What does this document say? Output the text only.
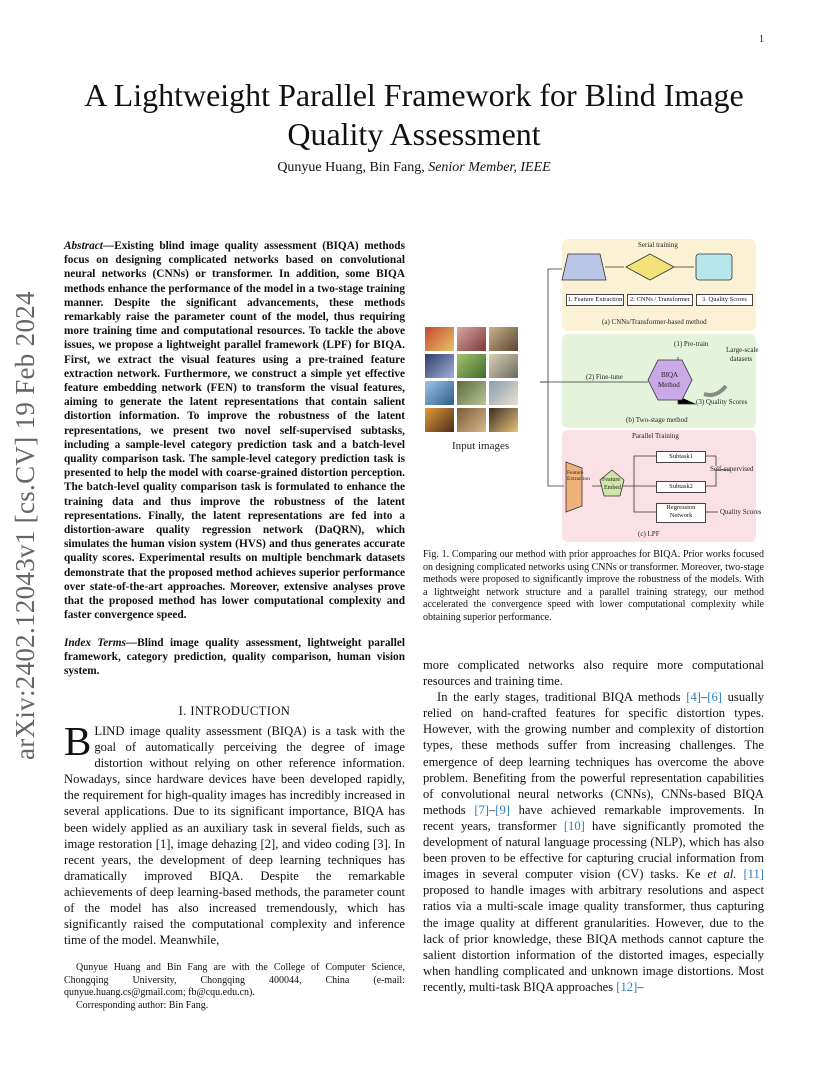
1
arXiv:2402.12043v1 [cs.CV] 19 Feb 2024
A Lightweight Parallel Framework for Blind Image Quality Assessment
Qunyue Huang, Bin Fang, Senior Member, IEEE
Abstract—Existing blind image quality assessment (BIQA) methods focus on designing complicated networks based on convolutional neural networks (CNNs) or transformer. In addition, some BIQA methods enhance the performance of the model in a two-stage training manner. Despite the significant advancements, these methods remarkably raise the parameter count of the model, thus requiring more training time and computational resources. To tackle the above issues, we propose a lightweight parallel framework (LPF) for BIQA. First, we extract the visual features using a pre-trained feature extraction network. Furthermore, we construct a simple yet effective feature embedding network (FEN) to transform the visual features, aiming to generate the latent representations that contain salient distortion information. To improve the robustness of the latent representations, we present two novel self-supervised subtasks, including a sample-level category prediction task and a batch-level quality comparison task. The sample-level category prediction task is presented to help the model with coarse-grained distortion perception. The batch-level quality comparison task is formulated to enhance the training data and thus improve the robustness of the latent representations. Finally, the latent representations are fed into a distortion-aware quality regression network (DaQRN), which simulates the human vision system (HVS) and thus generates accurate quality scores. Experimental results on multiple benchmark datasets demonstrate that the proposed method achieves superior performance over state-of-the-art approaches. Moreover, extensive analyses prove that the proposed method has lower computational complexity and faster convergence speed.
Index Terms—Blind image quality assessment, lightweight parallel framework, category prediction, quality comparison, human vision system.
I. INTRODUCTION
BLIND image quality assessment (BIQA) is a task with the goal of automatically perceiving the degree of image distortion without relying on other reference information. Nowadays, since hardware devices have been developed rapidly, the requirement for high-quality images has incredibly increased in several applications. Due to its significant importance, BIQA has been widely applied as an auxiliary task in several fields, such as image restoration [1], image dehazing [2], and video coding [3]. In recent years, the development of deep learning techniques has dramatically improved BIQA. Despite the remarkable achievements of deep learning-based methods, the parameter count of the model has also increased tremendously, which has significantly raised the computational complexity and inference time of the model. Meanwhile,

Qunyue Huang and Bin Fang are with the College of Computer Science, Chongqing University, Chongqing 400044, China (e-mail: qunyue.huang.cs@gmail.com; fb@cqu.edu.cn).

Corresponding author: Bin Fang.

Input images
Serial training
1. Feature Extraction	2. CNNs / Transformer	3. Quality Scores
(a) CNNs/Transformer-based method
(1) Pre-train
Large-scale
datasets
(2) Fine-tune	BIQA
Method
(3) Quality Scores
(b) Two-stage method
Parallel Training
Feature Extraction Feature
Embed
Subtask1
Subtask2
Self-supervised
Regression
Network	Quality Scores
(c) LPF
Fig. 1. Comparing our method with prior approaches for BIQA. Prior works focused on designing complicated networks using CNNs or transformer. Moreover, two-stage methods were proposed to significantly improve the robustness of the models. With a lightweight network structure and a parallel training strategy, our method accelerated the convergence speed with lower computational complexity while obtaining superior performance.

more complicated networks also require more computational resources and training time.

In the early stages, traditional BIQA methods [4]–[6] usually relied on hand-crafted features for specific distortion types. However, with the growing number and complexity of distortion types, these methods suffer from increasing challenges. The emergence of deep learning techniques has overcome the above problem. Benefiting from the powerful representation capabilities of convolutional neural networks (CNNs), CNNs-based BIQA methods [7]–[9] have achieved remarkable improvements. In recent years, transformer [10] have significantly promoted the development of natural language processing (NLP), which has also been proven to be effective for capturing crucial information from images in several computer vision (CV) tasks. Ke et al. [11] proposed to handle images with arbitrary resolutions and aspect ratios via a multi-scale image quality transformer, thus capturing the image quality at different granularities. However, due to the lack of prior knowledge, these BIQA methods cannot capture the salient distortion information of the distorted images, especially when handling complicated and unknown image distortions. Most recently, multi-task BIQA approaches [12]–
